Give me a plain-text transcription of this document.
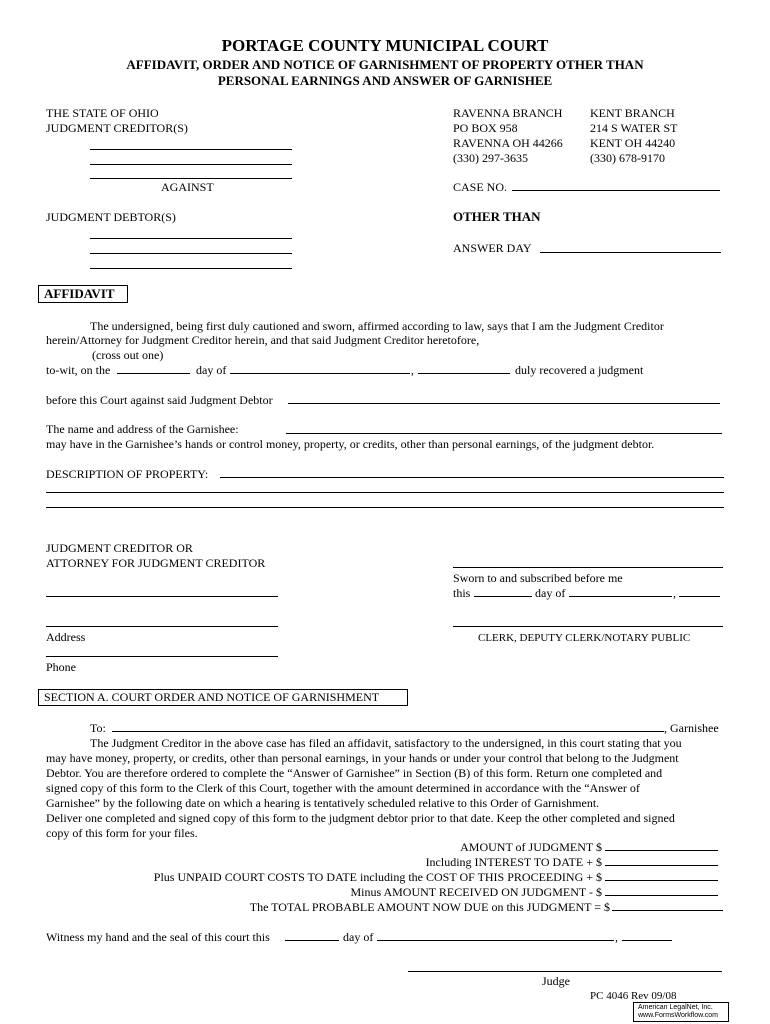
PORTAGE COUNTY MUNICIPAL COURT
AFFIDAVIT, ORDER AND NOTICE OF GARNISHMENT OF PROPERTY OTHER THAN
PERSONAL EARNINGS AND ANSWER OF GARNISHEE
THE STATE OF OHIO
JUDGMENT CREDITOR(S)
AGAINST
JUDGMENT DEBTOR(S)
RAVENNA BRANCH
PO BOX 958
RAVENNA OH 44266
(330) 297-3635
KENT BRANCH
214 S WATER ST
KENT OH 44240
(330) 678-9170
CASE NO.
OTHER THAN
ANSWER DAY
AFFIDAVIT
The undersigned, being first duly cautioned and sworn, affirmed according to law, says that I am the Judgment Creditor
herein/Attorney for Judgment Creditor herein, and that said Judgment Creditor heretofore,
(cross out one)
to-wit, on the	day of	,	duly recovered a judgment
before this Court against said Judgment Debtor
The name and address of the Garnishee:
may have in the Garnishee’s hands or control money, property, or credits, other than personal earnings, of the judgment debtor.
DESCRIPTION OF PROPERTY:
JUDGMENT CREDITOR OR
ATTORNEY FOR JUDGMENT CREDITOR
Sworn to and subscribed before me
this	day of	,
Address	CLERK, DEPUTY CLERK/NOTARY PUBLIC
Phone
SECTION A. COURT ORDER AND NOTICE OF GARNISHMENT
To:	, Garnishee
The Judgment Creditor in the above case has filed an affidavit, satisfactory to the undersigned, in this court stating that you
may have money, property, or credits, other than personal earnings, in your hands or under your control that belong to the Judgment
Debtor. You are therefore ordered to complete the “Answer of Garnishee” in Section (B) of this form. Return one completed and
signed copy of this form to the Clerk of this Court, together with the amount determined in accordance with the “Answer of
Garnishee” by the following date on which a hearing is tentatively scheduled relative to this Order of Garnishment.
Deliver one completed and signed copy of this form to the judgment debtor prior to that date. Keep the other completed and signed
copy of this form for your files.
AMOUNT of JUDGMENT $
Including INTEREST TO DATE + $
Plus UNPAID COURT COSTS TO DATE including the COST OF THIS PROCEEDING + $
Minus AMOUNT RECEIVED ON JUDGMENT - $
The TOTAL PROBABLE AMOUNT NOW DUE on this JUDGMENT = $
Witness my hand and the seal of this court this	day of	,
Judge
PC 4046 Rev 09/08
American LegalNet, Inc.
www.FormsWorkflow.com
